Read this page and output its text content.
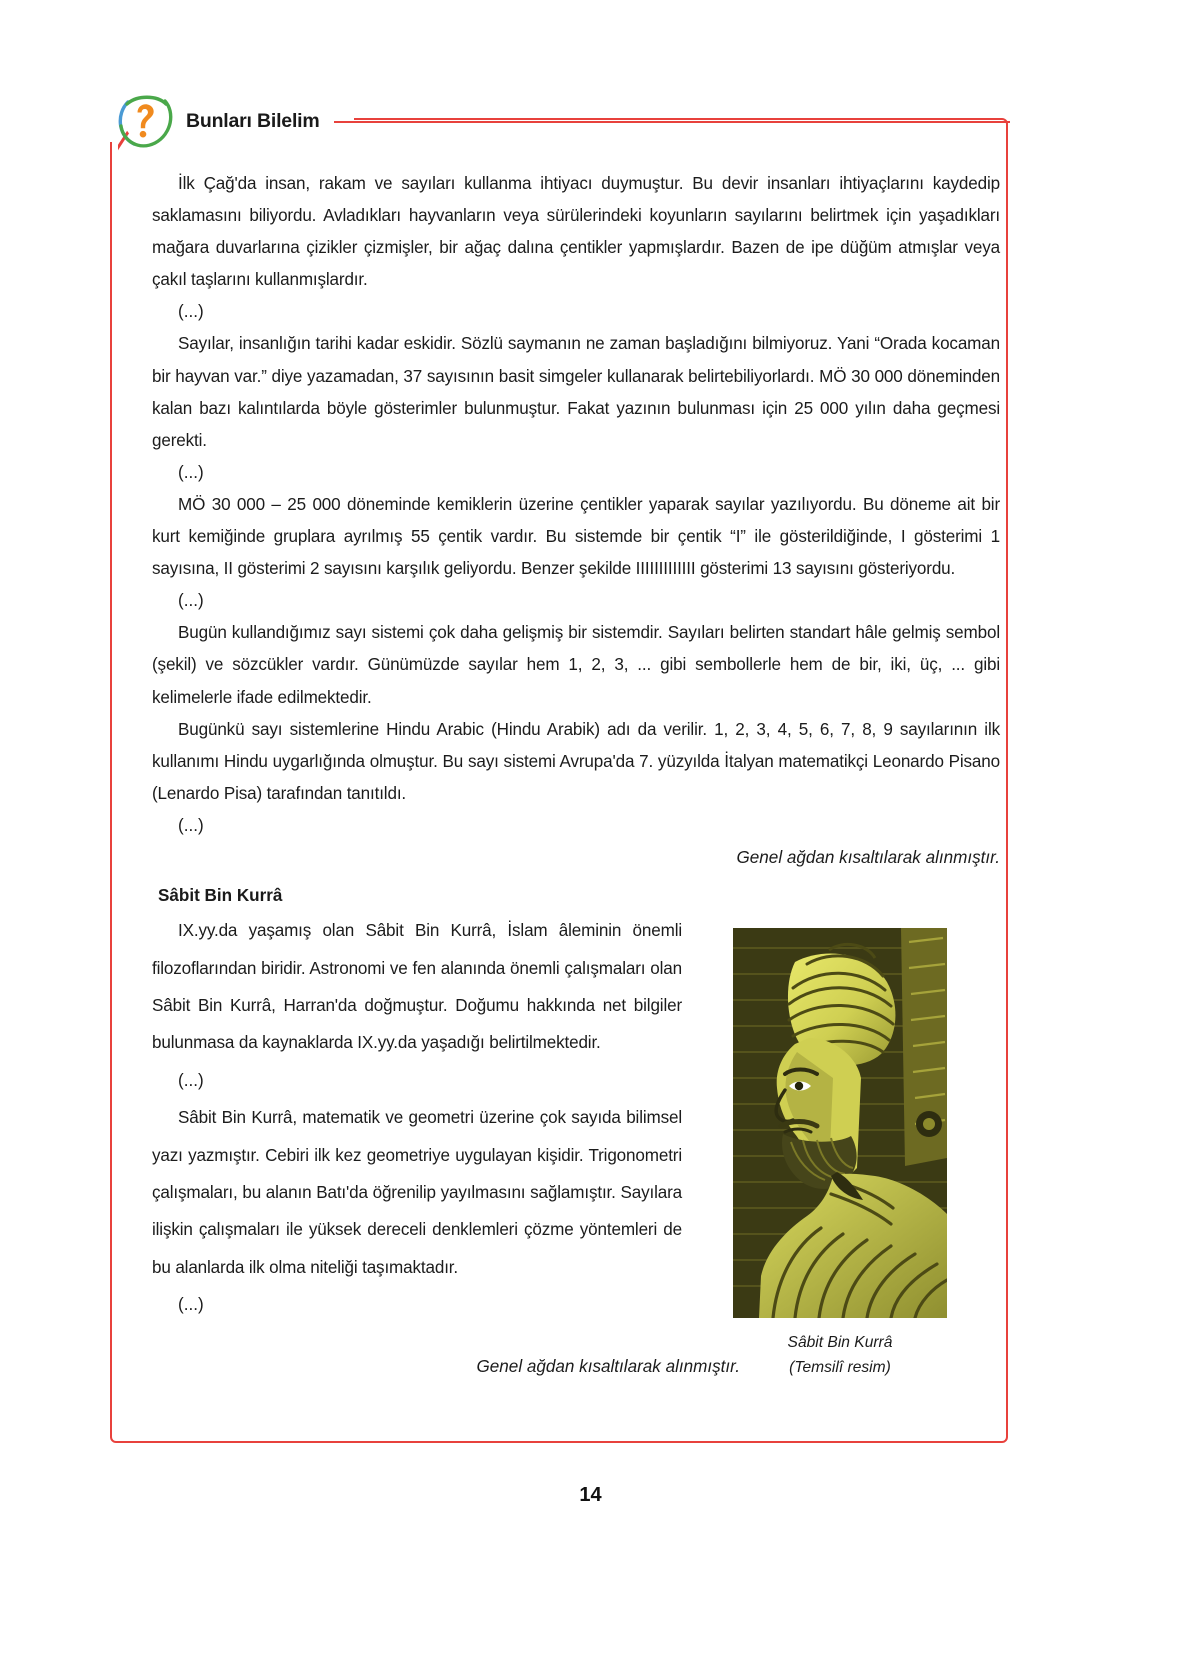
Bunları Bilelim

İlk Çağ'da insan, rakam ve sayıları kullanma ihtiyacı duymuştur. Bu devir insanları ihtiyaçlarını kaydedip saklamasını biliyordu. Avladıkları hayvanların veya sürülerindeki koyunların sayılarını belirtmek için yaşadıkları mağara duvarlarına çizikler çizmişler, bir ağaç dalına çentikler yapmışlardır. Bazen de ipe düğüm atmışlar veya çakıl taşlarını kullanmışlardır.

(...)

Sayılar, insanlığın tarihi kadar eskidir. Sözlü saymanın ne zaman başladığını bilmiyoruz. Yani “Orada kocaman bir hayvan var.” diye yazamadan, 37 sayısının basit simgeler kullanarak belirtebiliyorlardı. MÖ 30 000 döneminden kalan bazı kalıntılarda böyle gösterimler bulunmuştur. Fakat yazının bulunması için 25 000 yılın daha geçmesi gerekti.

(...)

MÖ 30 000 – 25 000 döneminde kemiklerin üzerine çentikler yaparak sayılar yazılıyordu. Bu döneme ait bir kurt kemiğinde gruplara ayrılmış 55 çentik vardır. Bu sistemde bir çentik “I” ile gösterildiğinde, I gösterimi 1 sayısına, II gösterimi 2 sayısını karşılık geliyordu. Benzer şekilde IIIIIIIIIIIII gösterimi 13 sayısını gösteriyordu.

(...)

Bugün kullandığımız sayı sistemi çok daha gelişmiş bir sistemdir. Sayıları belirten standart hâle gelmiş sembol (şekil) ve sözcükler vardır. Günümüzde sayılar hem 1, 2, 3, ... gibi sembollerle hem de bir, iki, üç, ... gibi kelimelerle ifade edilmektedir.

Bugünkü sayı sistemlerine Hindu Arabic (Hindu Arabik) adı da verilir. 1, 2, 3, 4, 5, 6, 7, 8, 9 sayılarının ilk kullanımı Hindu uygarlığında olmuştur. Bu sayı sistemi Avrupa'da 7. yüzyılda İtalyan matematikçi Leonardo Pisano (Lenardo Pisa) tarafından tanıtıldı.

(...)

Genel ağdan kısaltılarak alınmıştır.

Sâbit Bin Kurrâ

IX.yy.da yaşamış olan Sâbit Bin Kurrâ, İslam âleminin önemli filozoflarından biridir. Astronomi ve fen alanında önemli çalışmaları olan Sâbit Bin Kurrâ, Harran'da doğmuştur. Doğumu hakkında net bilgiler bulunmasa da kaynaklarda IX.yy.da yaşadığı belirtilmektedir.

(...)

Sâbit Bin Kurrâ, matematik ve geometri üzerine çok sayıda bilimsel yazı yazmıştır. Cebiri ilk kez geometriye uygulayan kişidir. Trigonometri çalışmaları, bu alanın Batı'da öğrenilip yayılmasını sağlamıştır. Sayılara ilişkin çalışmaları ile yüksek dereceli denklemleri çözme yöntemleri de bu alanlarda ilk olma niteliği taşımaktadır.

(...)

Sâbit Bin Kurrâ

(Temsilî resim)

Genel ağdan kısaltılarak alınmıştır.

14
